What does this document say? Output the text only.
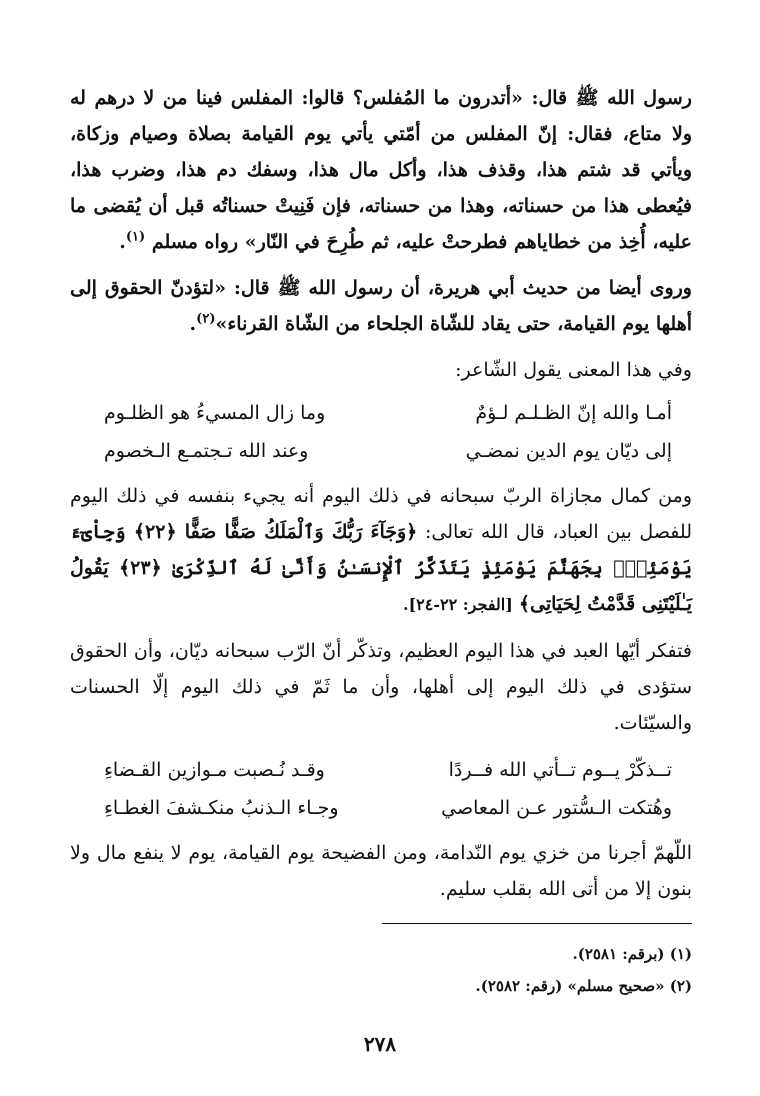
رسول الله ﷺ قال: «أتدرون ما المُفلس؟ قالوا: المفلس فينا من لا درهم له ولا متاع، فقال: إنّ المفلس من أمّتي يأتي يوم القيامة بصلاة وصيام وزكاة، ويأتي قد شتم هذا، وقذف هذا، وأكل مال هذا، وسفك دم هذا، وضرب هذا، فيُعطى هذا من حسناته، وهذا من حسناته، فإن فَنِيتْ حسناتُه قبل أن يُقضى ما عليه، أُخِذ من خطاياهم فطرحتْ عليه، ثم طُرِحَ في النّار» رواه مسلم $^{(١)}$.

وروى أيضا من حديث أبي هريرة، أن رسول الله ﷺ قال: «لتؤدنّ الحقوق إلى أهلها يوم القيامة، حتى يقاد للشّاة الجلحاء من الشّاة القرناء»$^{(٢)}$.

وفي هذا المعنى يقول الشّاعر:

أمـا والله إنّ الظـلـم لـؤمٌ
وما زال المسيءُ هو الظلـوم
إلى ديّان يوم الدين نمضـي
وعند الله تـجتمـع الـخصوم

ومن كمال مجازاة الربّ سبحانه في ذلك اليوم أنه يجيء بنفسه في ذلك اليوم للفصل بين العباد، قال الله تعالى: ﴿وَجَآءَ رَبُّكَ وَٱلْمَلَكُ صَفًّا صَفًّا ﴿٢٢﴾ وَجِاْىٓءَ يَوْمَئِذٍۭ بِجَهَنَّمَ يَوْمَئِذٍ يَتَذَكَّرُ ٱلْإِنسَـٰنُ وَأَنَّىٰ لَهُ ٱلذِّكْرَىٰ ﴿٢٣﴾ يَقُولُ يَـٰلَيْتَنِى قَدَّمْتُ لِحَيَاتِى﴾ [الفجر: ٢٢-٢٤].

فتفكر أيّها العبد في هذا اليوم العظيم، وتذكّر أنّ الرّب سبحانه ديّان، وأن الحقوق ستؤدى في ذلك اليوم إلى أهلها، وأن ما ثَمّ في ذلك اليوم إلّا الحسنات والسيّئات.

تــذكّرْ يــوم تــأتي الله فــردًا
وقـد نُـصبت مـوازين القـضاءِ
وهُتكت الـسُّتور عـن المعاصي
وجـاء الـذنبُ منكـشفَ الغطـاءِ

اللّهمّ أجرنا من خزي يوم النّدامة، ومن الفضيحة يوم القيامة، يوم لا ينفع مال ولا بنون إلا من أتى الله بقلب سليم.

(١) (برقم: ٢٥٨١).
(٢) «صحيح مسلم» (رقم: ٢٥٨٢).
٢٧٨
